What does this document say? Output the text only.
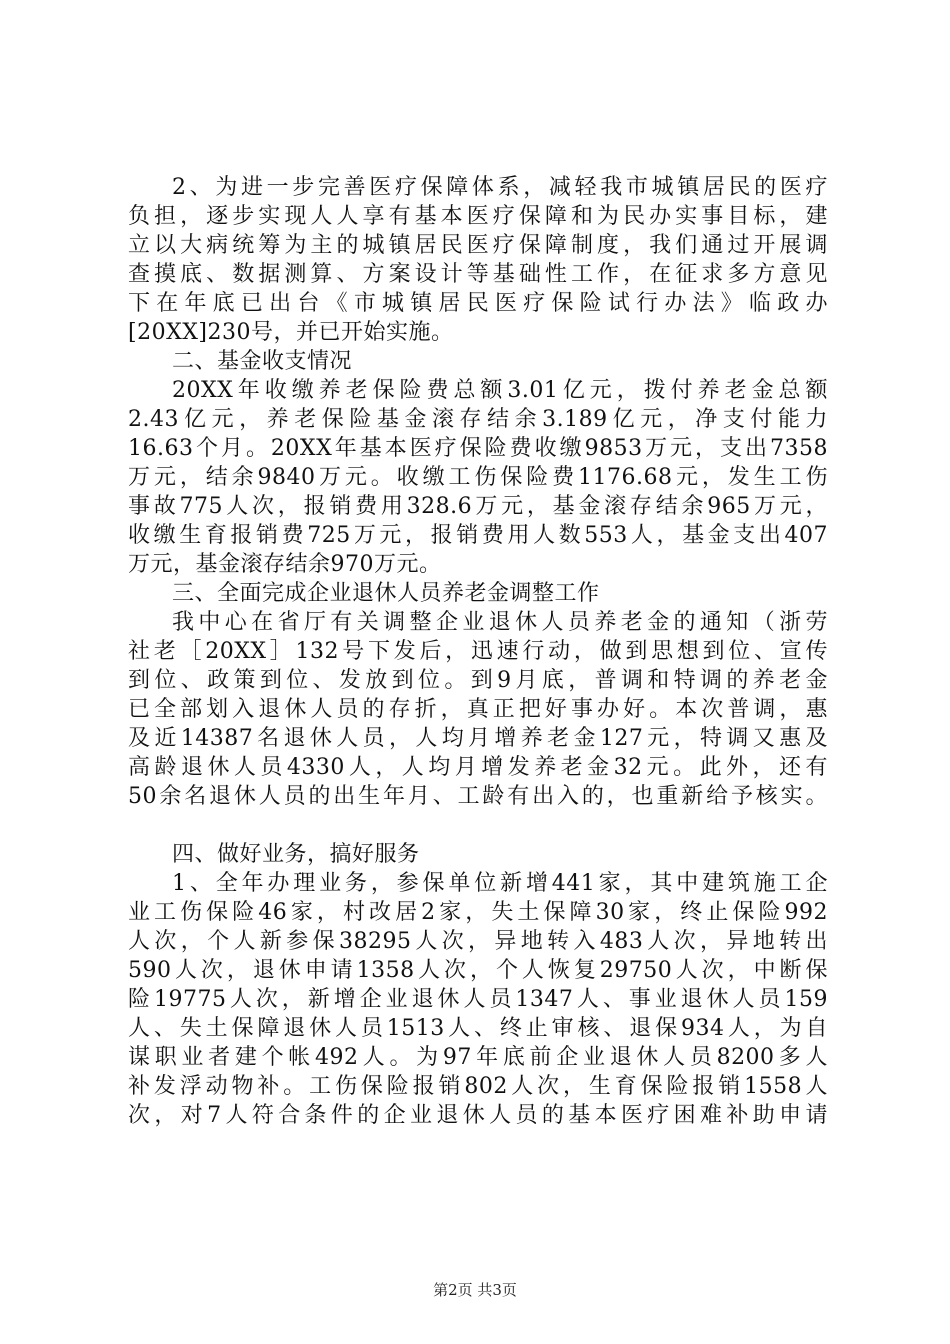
2、为进一步完善医疗保障体系，减轻我市城镇居民的医疗
负担，逐步实现人人享有基本医疗保障和为民办实事目标，建
立以大病统筹为主的城镇居民医疗保障制度，我们通过开展调
查摸底、数据测算、方案设计等基础性工作，在征求多方意见
下在年底已出台《市城镇居民医疗保险试行办法》临政办
[20XX]230号，并已开始实施。
二、基金收支情况
20XX年收缴养老保险费总额3.01亿元，拨付养老金总额
2.43亿元，养老保险基金滚存结余3.189亿元，净支付能力
16.63个月。20XX年基本医疗保险费收缴9853万元，支出7358
万元，结余9840万元。收缴工伤保险费1176.68元，发生工伤
事故775人次，报销费用328.6万元，基金滚存结余965万元，
收缴生育报销费725万元，报销费用人数553人，基金支出407
万元，基金滚存结余970万元。
三、全面完成企业退休人员养老金调整工作
我中心在省厅有关调整企业退休人员养老金的通知（浙劳
社老［20XX］132号下发后，迅速行动，做到思想到位、宣传
到位、政策到位、发放到位。到9月底，普调和特调的养老金
已全部划入退休人员的存折，真正把好事办好。本次普调，惠
及近14387名退休人员，人均月增养老金127元，特调又惠及
高龄退休人员4330人，人均月增发养老金32元。此外，还有
50余名退休人员的出生年月、工龄有出入的，也重新给予核实。
四、做好业务，搞好服务
1、全年办理业务，参保单位新增441家，其中建筑施工企
业工伤保险46家，村改居2家，失土保障30家，终止保险992
人次，个人新参保38295人次，异地转入483人次，异地转出
590人次，退休申请1358人次，个人恢复29750人次，中断保
险19775人次，新增企业退休人员1347人、事业退休人员159
人、失土保障退休人员1513人、终止审核、退保934人，为自
谋职业者建个帐492人。为97年底前企业退休人员8200多人
补发浮动物补。工伤保险报销802人次，生育保险报销1558人
次，对7人符合条件的企业退休人员的基本医疗困难补助申请
第2页 共3页
